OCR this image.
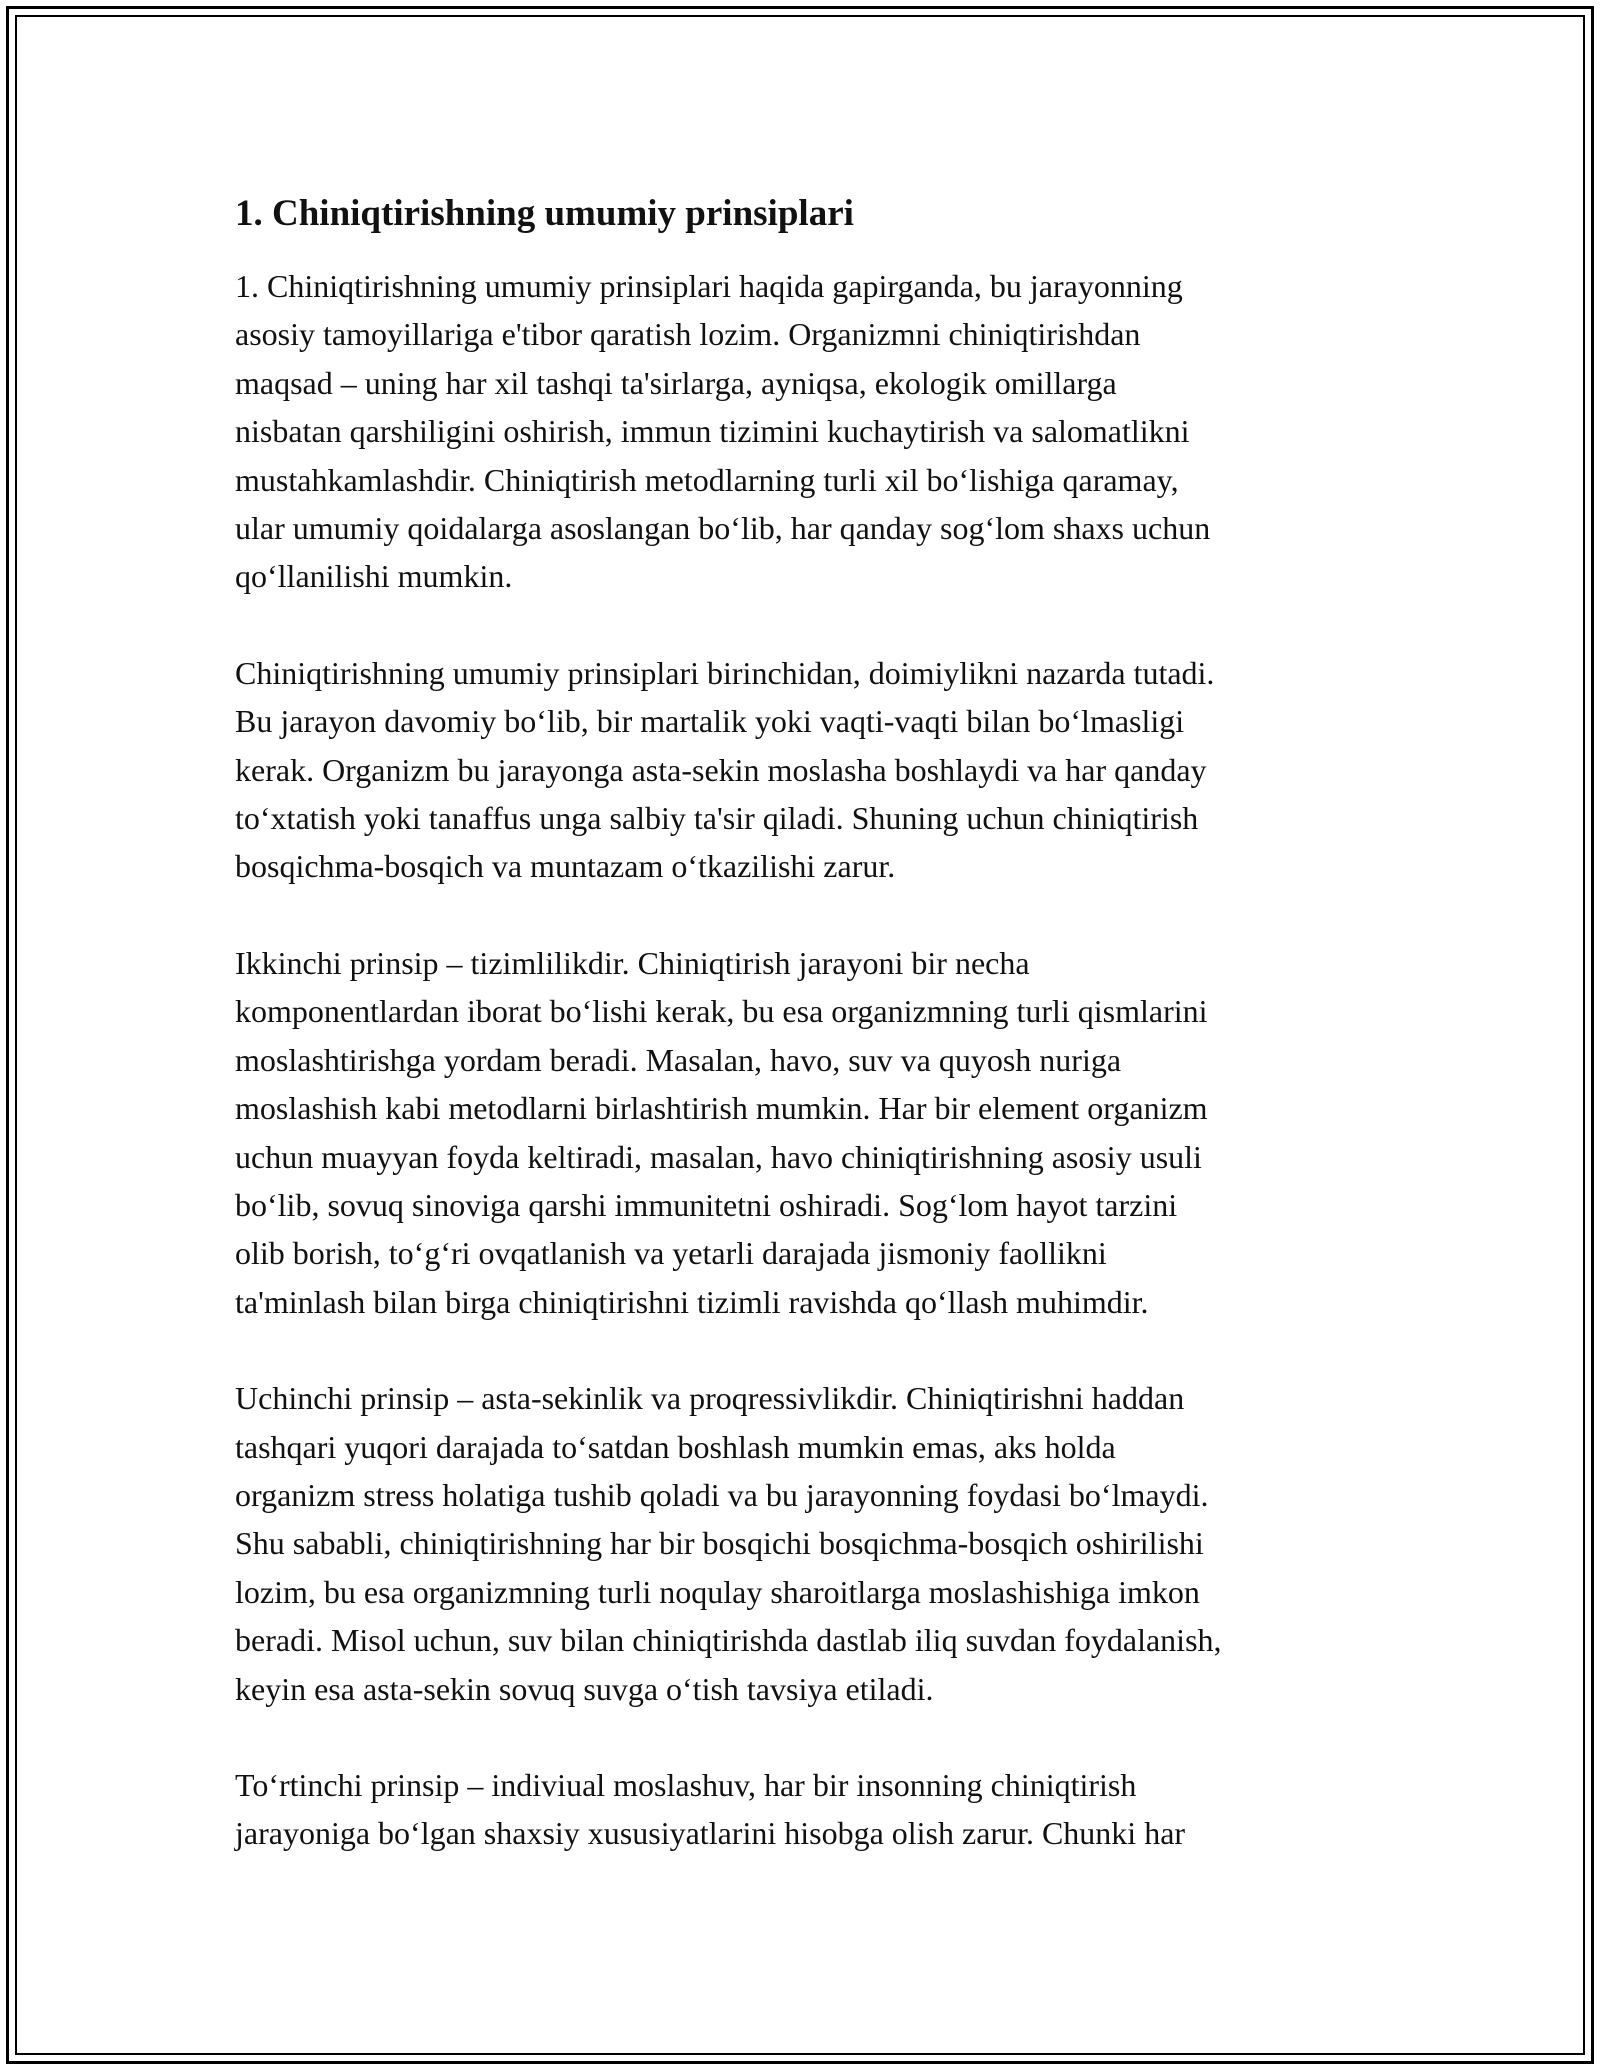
1. Chiniqtirishning umumiy prinsiplari

1. Chiniqtirishning umumiy prinsiplari haqida gapirganda, bu jarayonning
asosiy tamoyillariga e'tibor qaratish lozim. Organizmni chiniqtirishdan
maqsad – uning har xil tashqi ta'sirlarga, ayniqsa, ekologik omillarga
nisbatan qarshiligini oshirish, immun tizimini kuchaytirish va salomatlikni
mustahkamlashdir. Chiniqtirish metodlarning turli xil boʻlishiga qaramay,
ular umumiy qoidalarga asoslangan boʻlib, har qanday sogʻlom shaxs uchun
qoʻllanilishi mumkin.

Chiniqtirishning umumiy prinsiplari birinchidan, doimiylikni nazarda tutadi.
Bu jarayon davomiy boʻlib, bir martalik yoki vaqti-vaqti bilan boʻlmasligi
kerak. Organizm bu jarayonga asta-sekin moslasha boshlaydi va har qanday
toʻxtatish yoki tanaffus unga salbiy ta'sir qiladi. Shuning uchun chiniqtirish
bosqichma-bosqich va muntazam oʻtkazilishi zarur.

Ikkinchi prinsip – tizimlilikdir. Chiniqtirish jarayoni bir necha
komponentlardan iborat boʻlishi kerak, bu esa organizmning turli qismlarini
moslashtirishga yordam beradi. Masalan, havo, suv va quyosh nuriga
moslashish kabi metodlarni birlashtirish mumkin. Har bir element organizm
uchun muayyan foyda keltiradi, masalan, havo chiniqtirishning asosiy usuli
boʻlib, sovuq sinoviga qarshi immunitetni oshiradi. Sogʻlom hayot tarzini
olib borish, toʻgʻri ovqatlanish va yetarli darajada jismoniy faollikni
ta'minlash bilan birga chiniqtirishni tizimli ravishda qoʻllash muhimdir.

Uchinchi prinsip – asta-sekinlik va proqressivlikdir. Chiniqtirishni haddan
tashqari yuqori darajada toʻsatdan boshlash mumkin emas, aks holda
organizm stress holatiga tushib qoladi va bu jarayonning foydasi boʻlmaydi.
Shu sababli, chiniqtirishning har bir bosqichi bosqichma-bosqich oshirilishi
lozim, bu esa organizmning turli noqulay sharoitlarga moslashishiga imkon
beradi. Misol uchun, suv bilan chiniqtirishda dastlab iliq suvdan foydalanish,
keyin esa asta-sekin sovuq suvga oʻtish tavsiya etiladi.

Toʻrtinchi prinsip – indiviual moslashuv, har bir insonning chiniqtirish
jarayoniga boʻlgan shaxsiy xususiyatlarini hisobga olish zarur. Chunki har
